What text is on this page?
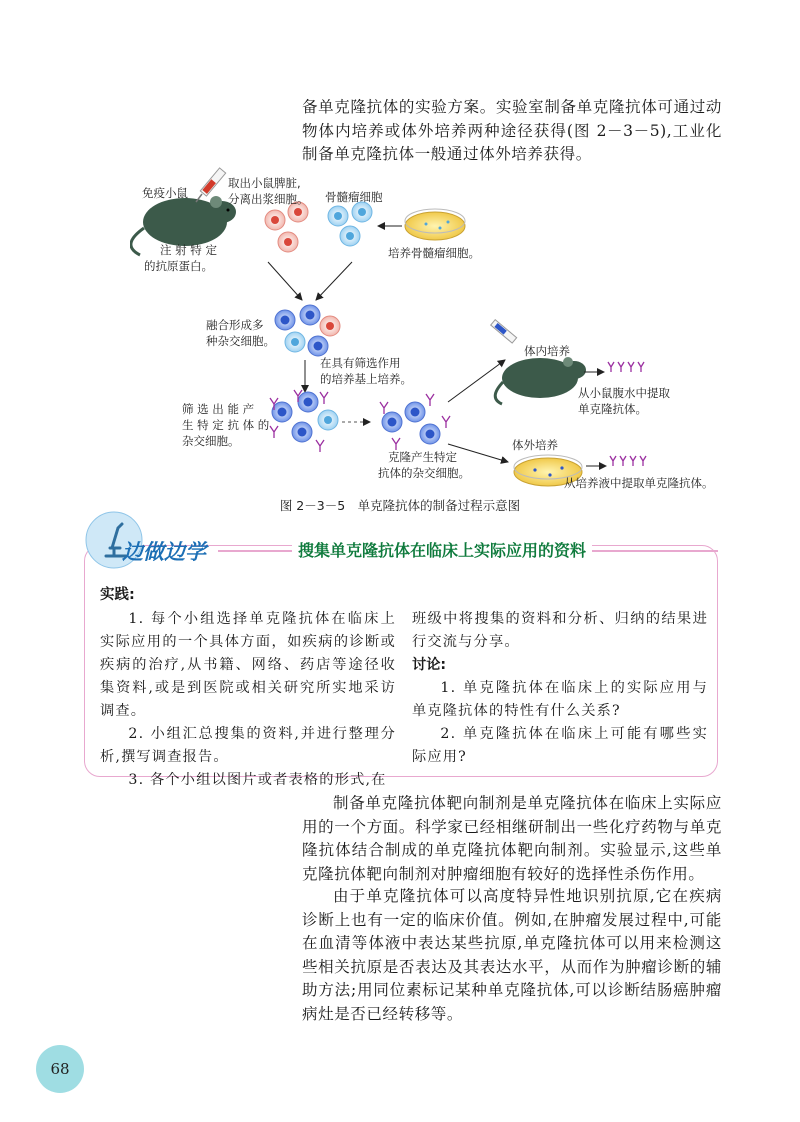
备单克隆抗体的实验方案。实验室制备单克隆抗体可通过动物体内培养或体外培养两种途径获得(图 2－3－5),工业化制备单克隆抗体一般通过体外培养获得。

免疫小鼠
取出小鼠脾脏,
分离出浆细胞。 骨髓瘤细胞
注 射 特 定
的抗原蛋白。
培养骨髓瘤细胞。
融合形成多
种杂交细胞。
在具有筛选作用
的培养基上培养。
筛 选 出 能 产
生 特 定 抗 体 的
杂交细胞。
克隆产生特定
抗体的杂交细胞。
体内培养
从小鼠腹水中提取
单克隆抗体。
体外培养
从培养液中提取单克隆抗体。
图 2－3－5　单克隆抗体的制备过程示意图
边做边学	搜集单克隆抗体在临床上实际应用的资料

实践:

1. 每个小组选择单克隆抗体在临床上实际应用的一个具体方面，如疾病的诊断或疾病的治疗,从书籍、网络、药店等途径收集资料,或是到医院或相关研究所实地采访调查。

2. 小组汇总搜集的资料,并进行整理分析,撰写调查报告。

3. 各个小组以图片或者表格的形式,在

班级中将搜集的资料和分析、归纳的结果进行交流与分享。

讨论:

1. 单克隆抗体在临床上的实际应用与单克隆抗体的特性有什么关系?

2. 单克隆抗体在临床上可能有哪些实际应用?

制备单克隆抗体靶向制剂是单克隆抗体在临床上实际应用的一个方面。科学家已经相继研制出一些化疗药物与单克隆抗体结合制成的单克隆抗体靶向制剂。实验显示,这些单克隆抗体靶向制剂对肿瘤细胞有较好的选择性杀伤作用。

由于单克隆抗体可以高度特异性地识别抗原,它在疾病诊断上也有一定的临床价值。例如,在肿瘤发展过程中,可能在血清等体液中表达某些抗原,单克隆抗体可以用来检测这些相关抗原是否表达及其表达水平，从而作为肿瘤诊断的辅助方法;用同位素标记某种单克隆抗体,可以诊断结肠癌肿瘤病灶是否已经转移等。

68
